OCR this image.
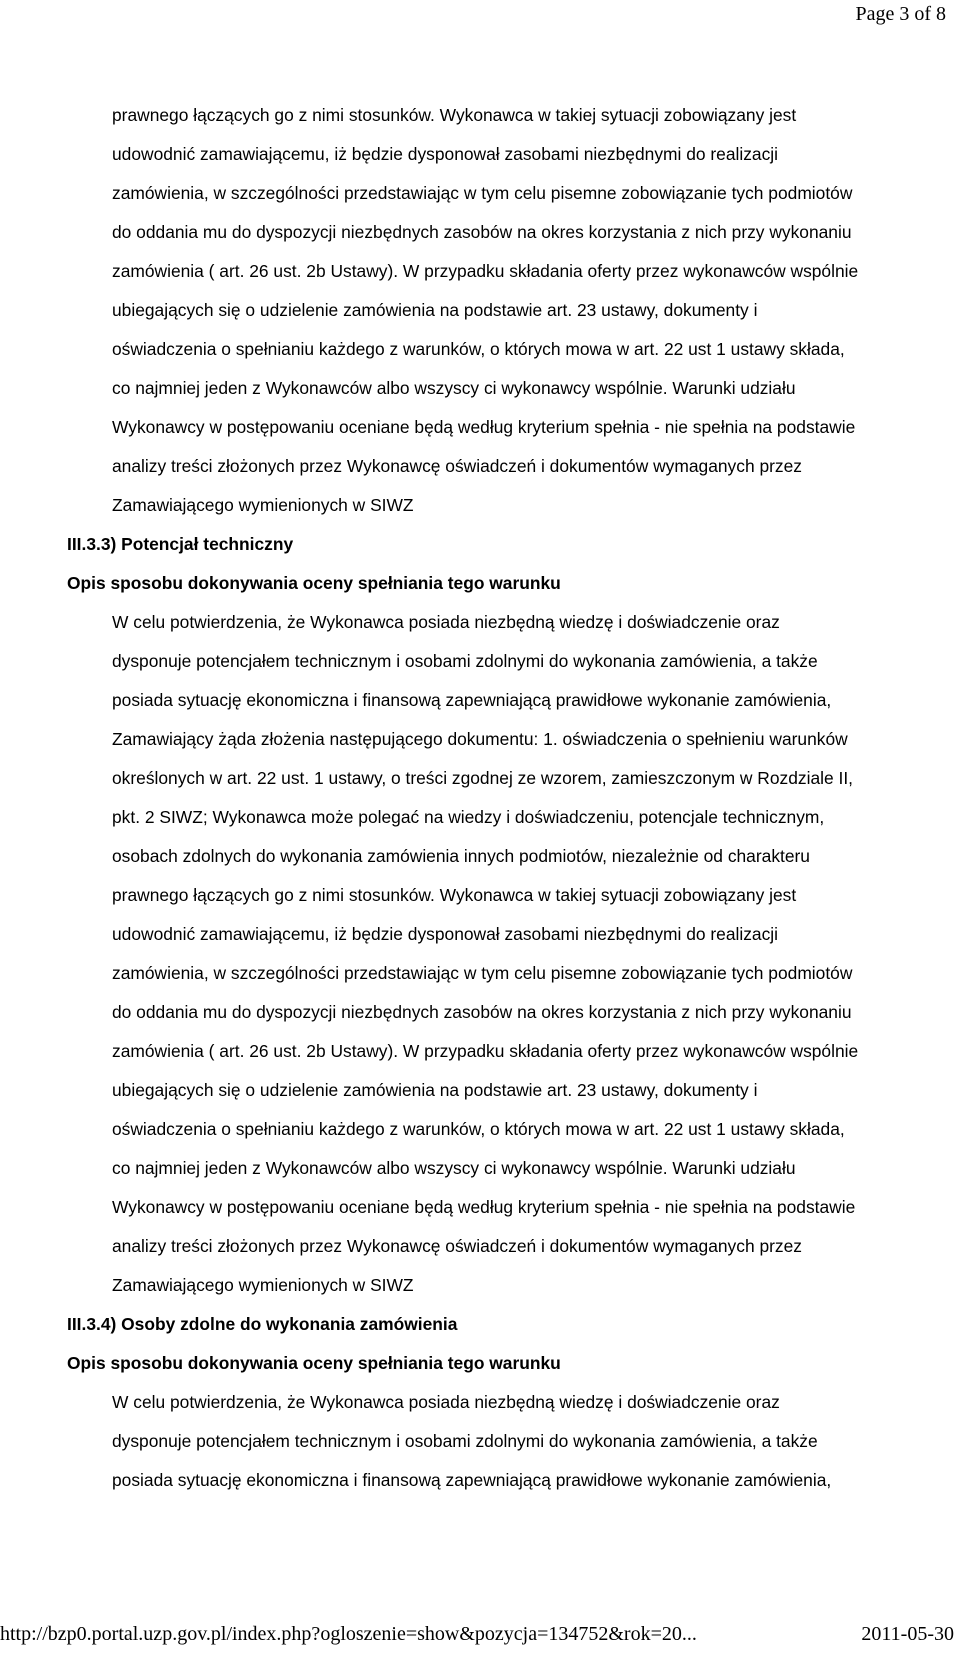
Page 3 of 8
prawnego łączących go z nimi stosunków. Wykonawca w takiej sytuacji zobowiązany jest
udowodnić zamawiającemu, iż będzie dysponował zasobami niezbędnymi do realizacji
zamówienia, w szczególności przedstawiając w tym celu pisemne zobowiązanie tych podmiotów
do oddania mu do dyspozycji niezbędnych zasobów na okres korzystania z nich przy wykonaniu
zamówienia ( art. 26 ust. 2b Ustawy). W przypadku składania oferty przez wykonawców wspólnie
ubiegających się o udzielenie zamówienia na podstawie art. 23 ustawy, dokumenty i
oświadczenia o spełnianiu każdego z warunków, o których mowa w art. 22 ust 1 ustawy składa,
co najmniej jeden z Wykonawców albo wszyscy ci wykonawcy wspólnie. Warunki udziału
Wykonawcy w postępowaniu oceniane będą według kryterium spełnia - nie spełnia na podstawie
analizy treści złożonych przez Wykonawcę oświadczeń i dokumentów wymaganych przez
Zamawiającego wymienionych w SIWZ
III.3.3) Potencjał techniczny
Opis sposobu dokonywania oceny spełniania tego warunku
W celu potwierdzenia, że Wykonawca posiada niezbędną wiedzę i doświadczenie oraz
dysponuje potencjałem technicznym i osobami zdolnymi do wykonania zamówienia, a także
posiada sytuację ekonomiczna i finansową zapewniającą prawidłowe wykonanie zamówienia,
Zamawiający żąda złożenia następującego dokumentu: 1. oświadczenia o spełnieniu warunków
określonych w art. 22 ust. 1 ustawy, o treści zgodnej ze wzorem, zamieszczonym w Rozdziale II,
pkt. 2 SIWZ; Wykonawca może polegać na wiedzy i doświadczeniu, potencjale technicznym,
osobach zdolnych do wykonania zamówienia innych podmiotów, niezależnie od charakteru
prawnego łączących go z nimi stosunków. Wykonawca w takiej sytuacji zobowiązany jest
udowodnić zamawiającemu, iż będzie dysponował zasobami niezbędnymi do realizacji
zamówienia, w szczególności przedstawiając w tym celu pisemne zobowiązanie tych podmiotów
do oddania mu do dyspozycji niezbędnych zasobów na okres korzystania z nich przy wykonaniu
zamówienia ( art. 26 ust. 2b Ustawy). W przypadku składania oferty przez wykonawców wspólnie
ubiegających się o udzielenie zamówienia na podstawie art. 23 ustawy, dokumenty i
oświadczenia o spełnianiu każdego z warunków, o których mowa w art. 22 ust 1 ustawy składa,
co najmniej jeden z Wykonawców albo wszyscy ci wykonawcy wspólnie. Warunki udziału
Wykonawcy w postępowaniu oceniane będą według kryterium spełnia - nie spełnia na podstawie
analizy treści złożonych przez Wykonawcę oświadczeń i dokumentów wymaganych przez
Zamawiającego wymienionych w SIWZ
III.3.4) Osoby zdolne do wykonania zamówienia
Opis sposobu dokonywania oceny spełniania tego warunku
W celu potwierdzenia, że Wykonawca posiada niezbędną wiedzę i doświadczenie oraz
dysponuje potencjałem technicznym i osobami zdolnymi do wykonania zamówienia, a także
posiada sytuację ekonomiczna i finansową zapewniającą prawidłowe wykonanie zamówienia,
http://bzp0.portal.uzp.gov.pl/index.php?ogloszenie=show&pozycja=134752&rok=20...	2011-05-30
